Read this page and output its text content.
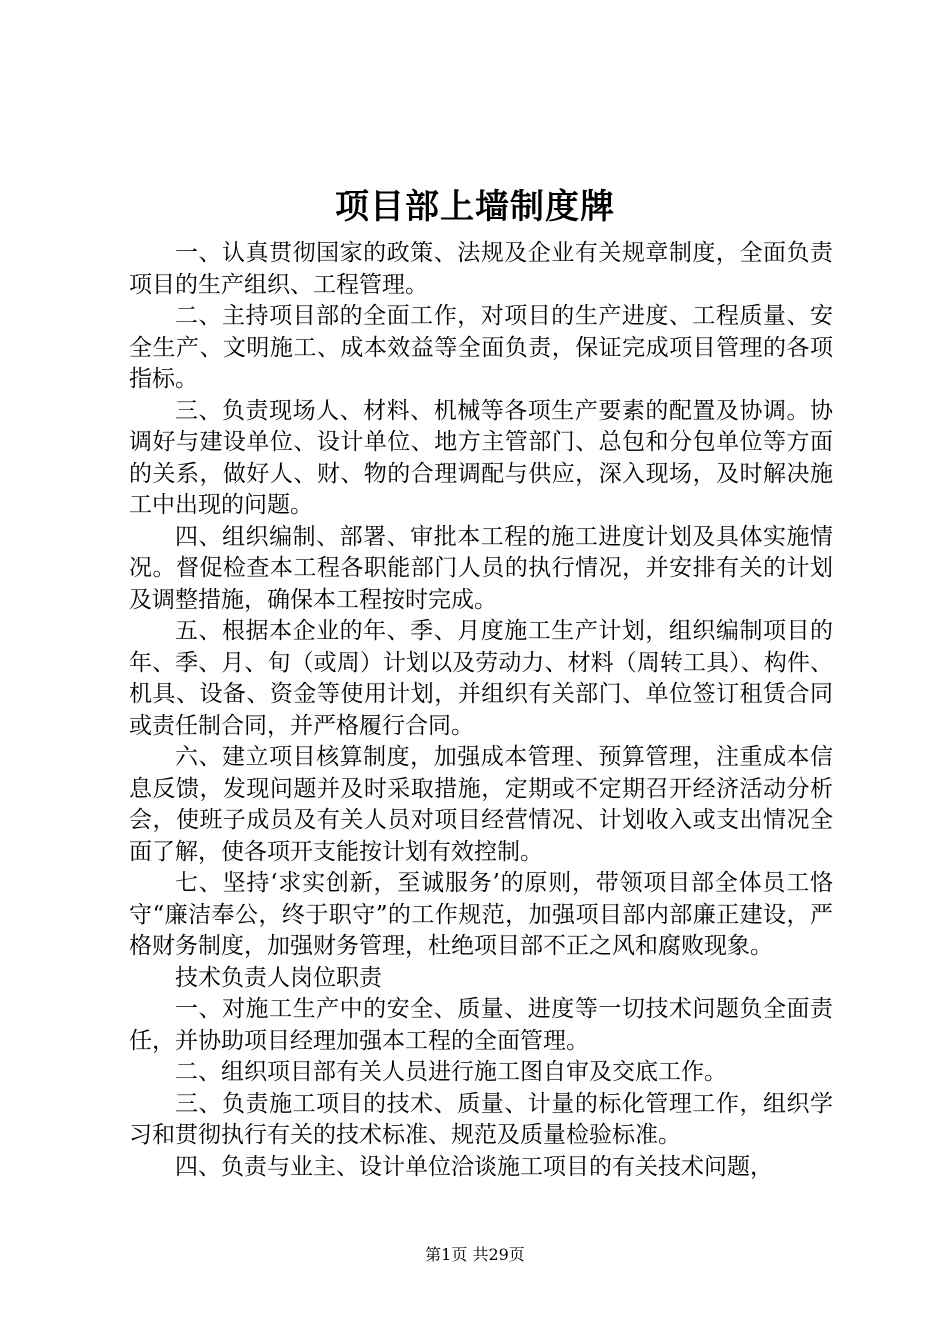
项目部上墙制度牌

一、认真贯彻国家的政策、法规及企业有关规章制度，全面负责项目的生产组织、工程管理。

二、主持项目部的全面工作，对项目的生产进度、工程质量、安全生产、文明施工、成本效益等全面负责，保证完成项目管理的各项指标。

三、负责现场人、材料、机械等各项生产要素的配置及协调。协调好与建设单位、设计单位、地方主管部门、总包和分包单位等方面的关系，做好人、财、物的合理调配与供应，深入现场，及时解决施工中出现的问题。

四、组织编制、部署、审批本工程的施工进度计划及具体实施情况。督促检查本工程各职能部门人员的执行情况，并安排有关的计划及调整措施，确保本工程按时完成。

五、根据本企业的年、季、月度施工生产计划，组织编制项目的年、季、月、旬（或周）计划以及劳动力、材料（周转工具）、构件、机具、设备、资金等使用计划，并组织有关部门、单位签订租赁合同或责任制合同，并严格履行合同。

六、建立项目核算制度，加强成本管理、预算管理，注重成本信息反馈，发现问题并及时采取措施，定期或不定期召开经济活动分析会，使班子成员及有关人员对项目经营情况、计划收入或支出情况全面了解，使各项开支能按计划有效控制。

七、坚持‘求实创新，至诚服务’的原则，带领项目部全体员工恪守“廉洁奉公，终于职守”的工作规范，加强项目部内部廉正建设，严格财务制度，加强财务管理，杜绝项目部不正之风和腐败现象。

技术负责人岗位职责

一、对施工生产中的安全、质量、进度等一切技术问题负全面责任，并协助项目经理加强本工程的全面管理。

二、组织项目部有关人员进行施工图自审及交底工作。

三、负责施工项目的技术、质量、计量的标化管理工作，组织学习和贯彻执行有关的技术标准、规范及质量检验标准。

四、负责与业主、设计单位洽谈施工项目的有关技术问题，

第1页 共29页
